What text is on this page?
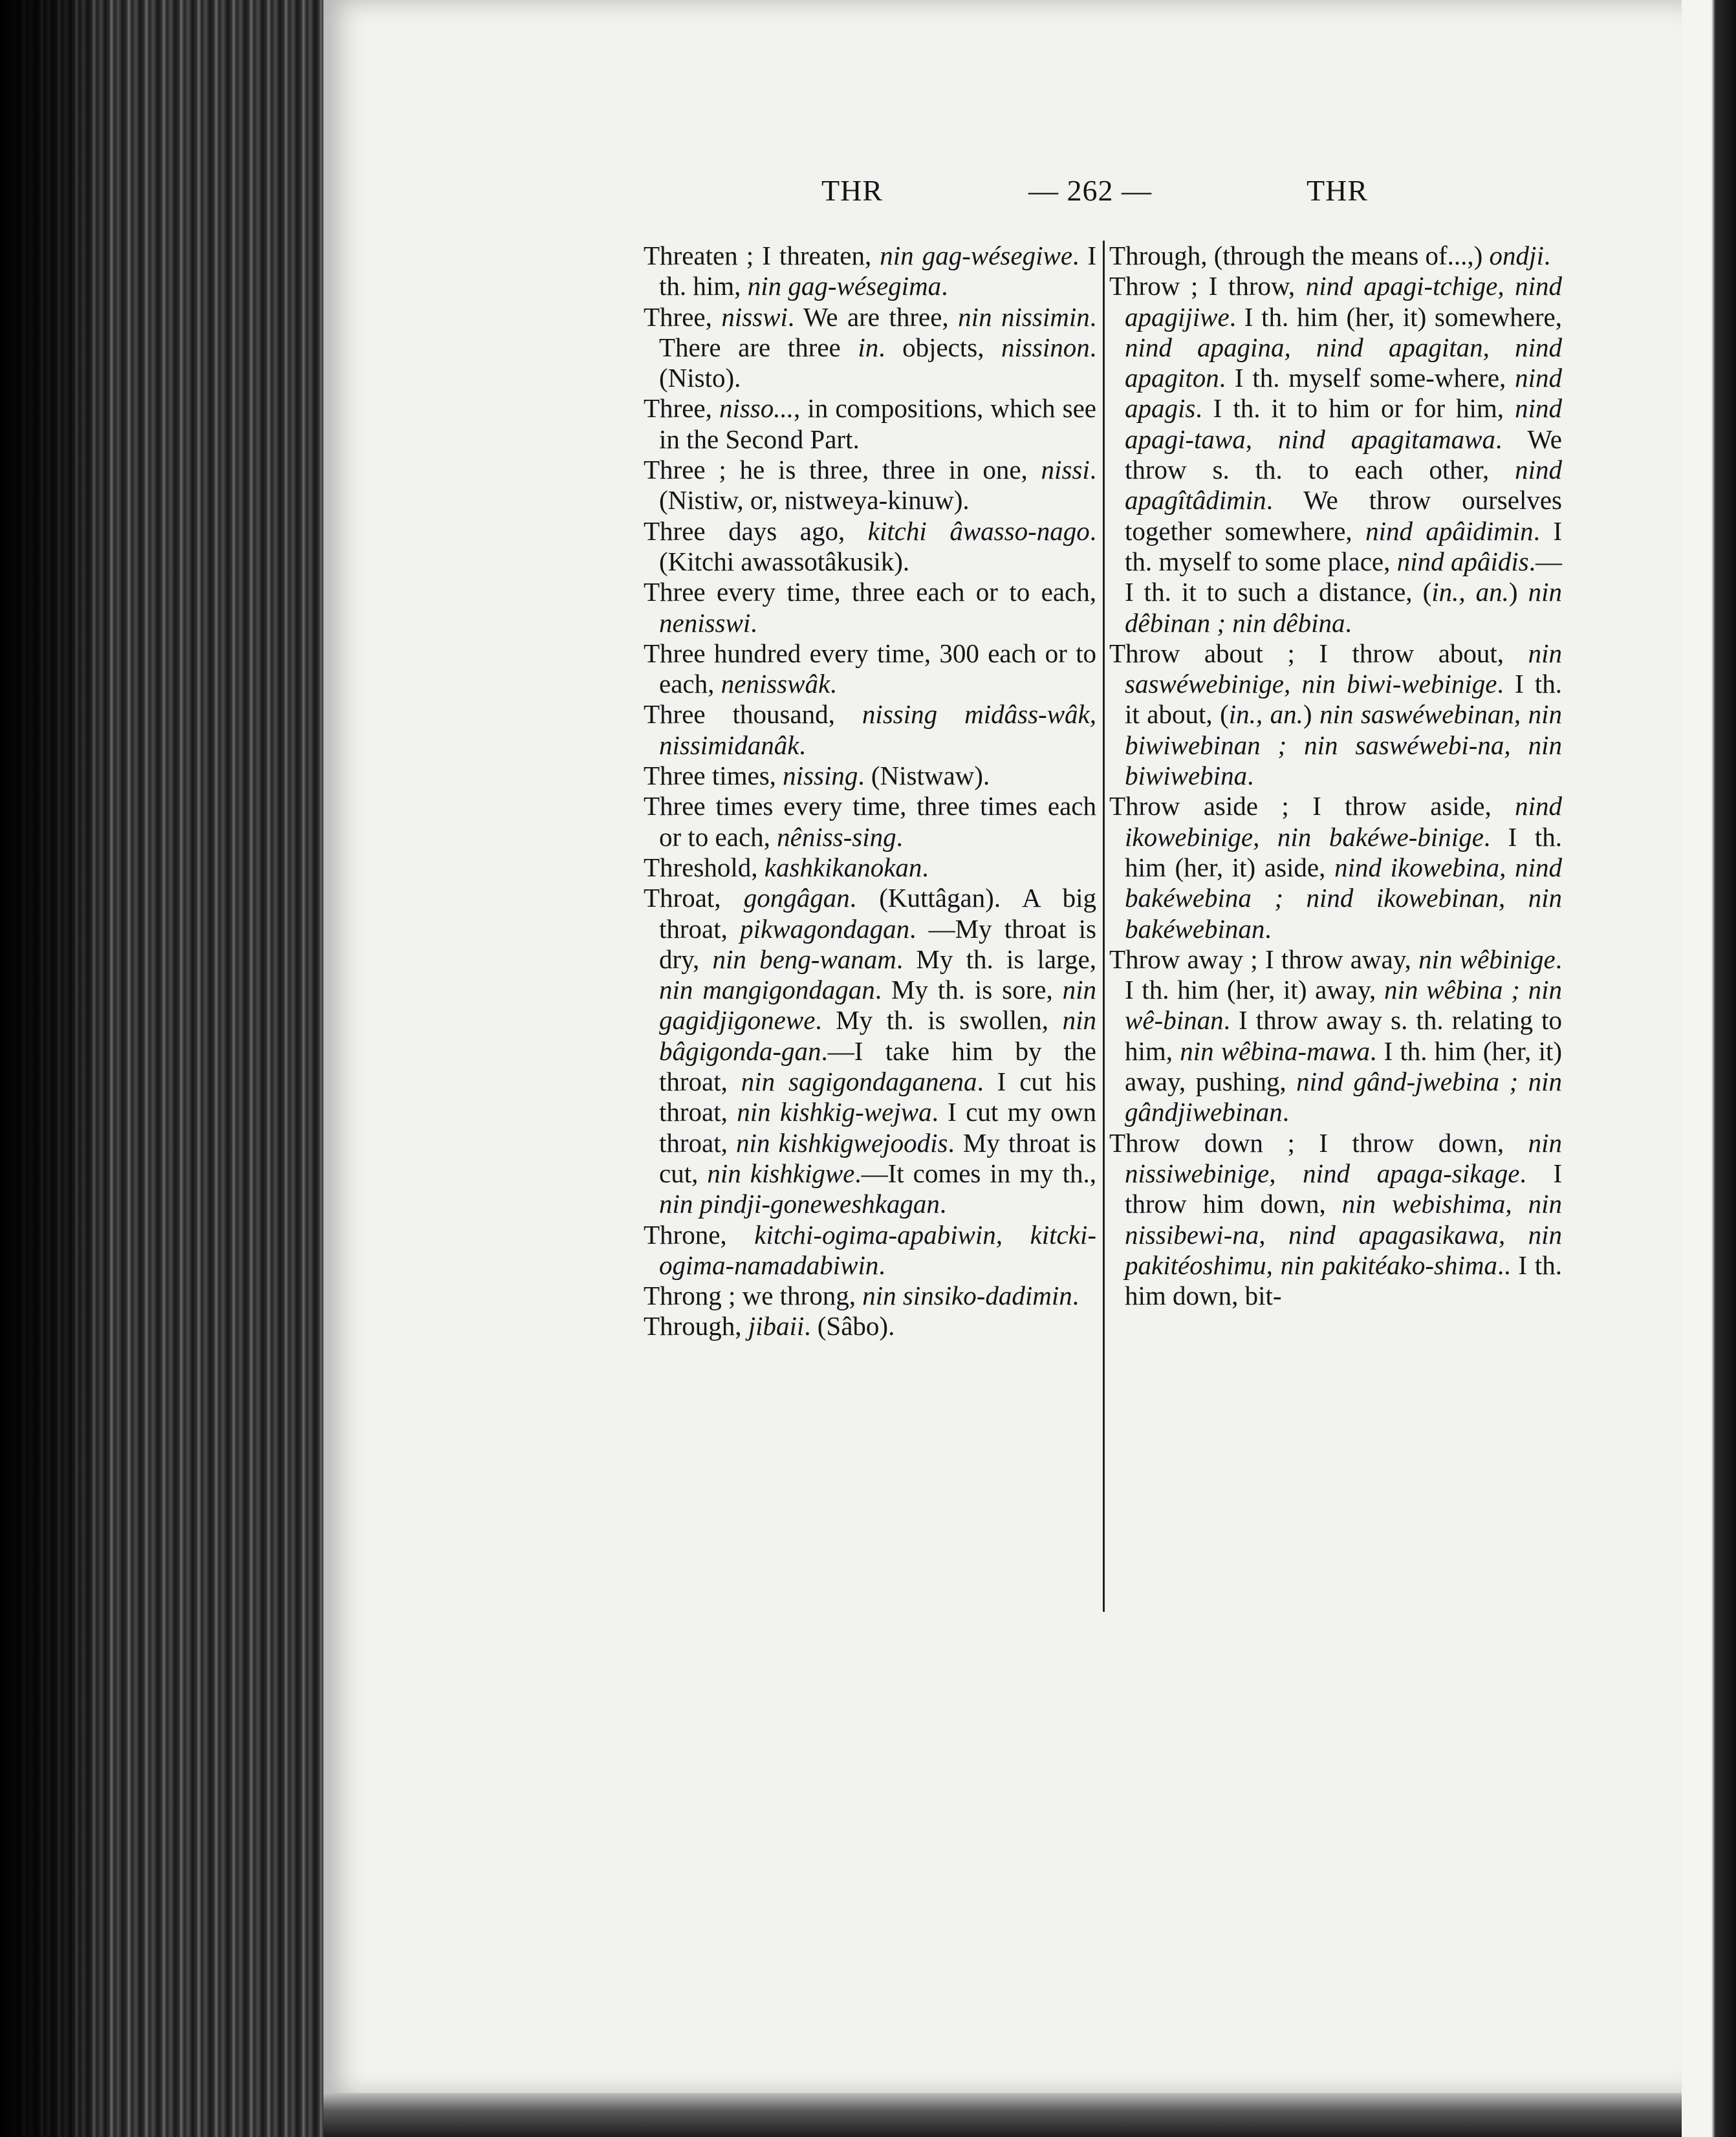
THR	— 262 —	THR

Threaten ; I threaten, nin gag-wésegiwe. I th. him, nin gag-wésegima.

Three, nisswi. We are three, nin nissimin. There are three in. objects, nissinon. (Nisto).

Three, nisso..., in compositions, which see in the Second Part.

Three ; he is three, three in one, nissi. (Nistiw, or, nistweya-kinuw).

Three days ago, kitchi âwasso-nago. (Kitchi awassotâkusik).

Three every time, three each or to each, nenisswi.

Three hundred every time, 300 each or to each, nenisswâk.

Three thousand, nissing midâss-wâk, nissimidanâk.

Three times, nissing. (Nistwaw).

Three times every time, three times each or to each, nêniss-sing.

Threshold, kashkikanokan.

Throat, gongâgan. (Kuttâgan). A big throat, pikwagondagan. —My throat is dry, nin beng-wanam. My th. is large, nin mangigondagan. My th. is sore, nin gagidjigonewe. My th. is swollen, nin bâgigonda-gan.—I take him by the throat, nin sagigondaganena. I cut his throat, nin kishkig-wejwa. I cut my own throat, nin kishkigwejoodis. My throat is cut, nin kishkigwe.—It comes in my th., nin pindji-goneweshkagan.

Throne, kitchi-ogima-apabiwin, kitcki-ogima-namadabiwin.

Throng ; we throng, nin sinsiko-dadimin.

Through, jibaii. (Sâbo).

Through, (through the means of...,) ondji.

Throw ; I throw, nind apagi-tchige, nind apagijiwe. I th. him (her, it) somewhere, nind apagina, nind apagitan, nind apagiton. I th. myself some-where, nind apagis. I th. it to him or for him, nind apagi-tawa, nind apagitamawa. We throw s. th. to each other, nind apagîtâdimin. We throw ourselves together somewhere, nind apâidimin. I th. myself to some place, nind apâidis.— I th. it to such a distance, (in., an.) nin dêbinan ; nin dêbina.

Throw about ; I throw about, nin saswéwebinige, nin biwi-webinige. I th. it about, (in., an.) nin saswéwebinan, nin biwiwebinan ; nin saswéwebi-na, nin biwiwebina.

Throw aside ; I throw aside, nind ikowebinige, nin bakéwe-binige. I th. him (her, it) aside, nind ikowebina, nind bakéwebina ; nind ikowebinan, nin bakéwebinan.

Throw away ; I throw away, nin wêbinige. I th. him (her, it) away, nin wêbina ; nin wê-binan. I throw away s. th. relating to him, nin wêbina-mawa. I th. him (her, it) away, pushing, nind gând-jwebina ; nin gândjiwebinan.

Throw down ; I throw down, nin nissiwebinige, nind apaga-sikage. I throw him down, nin webishima, nin nissibewi-na, nind apagasikawa, nin pakitéoshimu, nin pakitéako-shima.. I th. him down, bit-
